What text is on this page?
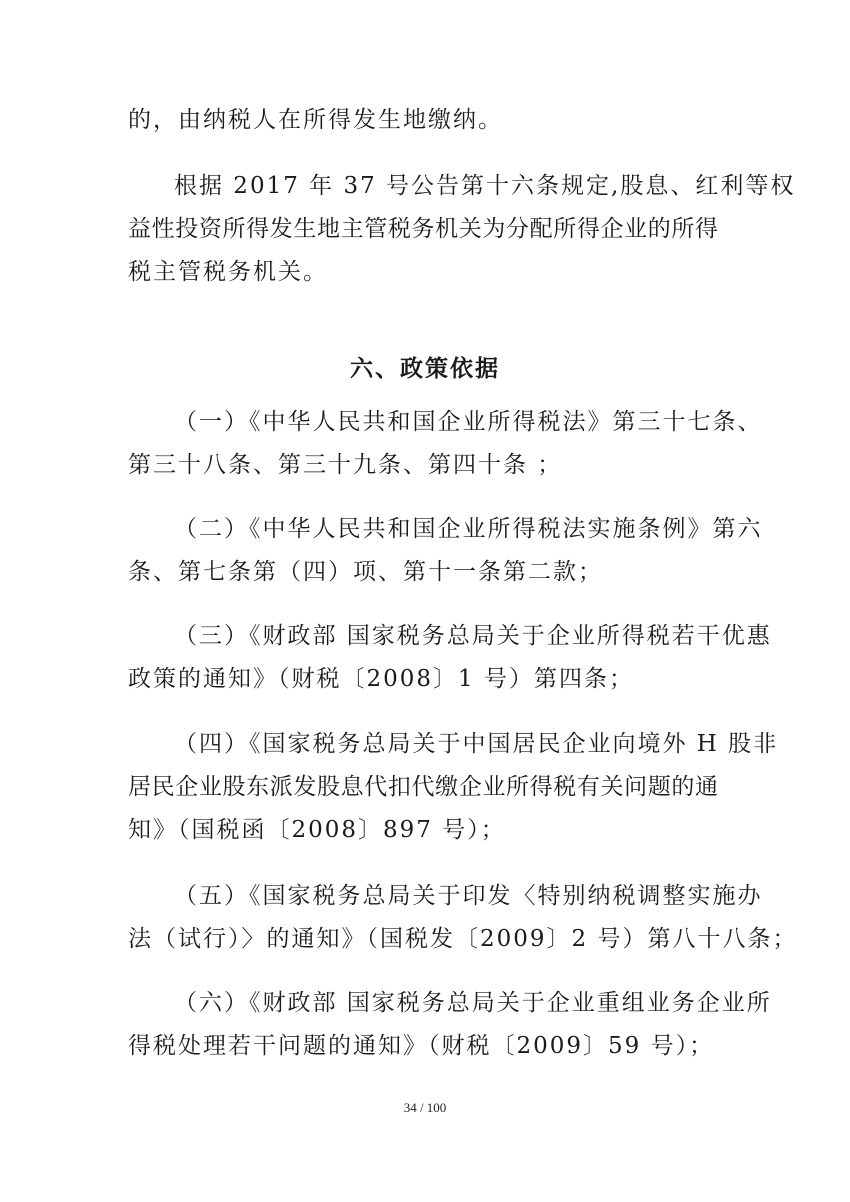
的，由纳税人在所得发生地缴纳。
根据 2017 年 37 号公告第十六条规定,股息、红利等权
益性投资所得发生地主管税务机关为分配所得企业的所得
税主管税务机关。
六、政策依据
（一）《中华人民共和国企业所得税法》第三十七条、
第三十八条、第三十九条、第四十条 ；
（二）《中华人民共和国企业所得税法实施条例》第六
条、第七条第（四）项、第十一条第二款；
（三）《财政部 国家税务总局关于企业所得税若干优惠
政策的通知》（财税〔2008〕1 号）第四条；
（四）《国家税务总局关于中国居民企业向境外 H 股非
居民企业股东派发股息代扣代缴企业所得税有关问题的通
知》（国税函〔2008〕897 号）；
（五）《国家税务总局关于印发〈特别纳税调整实施办
法（试行）〉的通知》（国税发〔2009〕2 号）第八十八条；
（六）《财政部 国家税务总局关于企业重组业务企业所
得税处理若干问题的通知》（财税〔2009〕59 号）；
34 / 100
